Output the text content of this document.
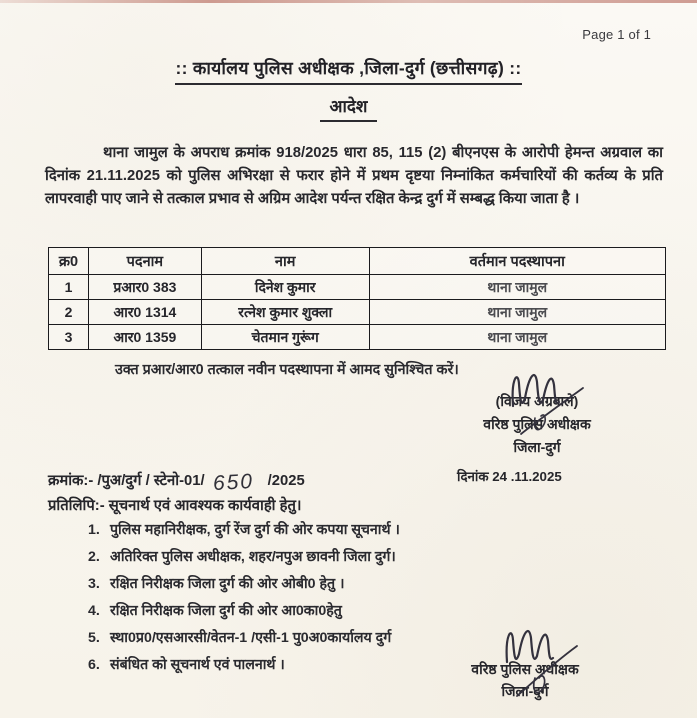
Page 1 of 1
:: कार्यालय पुलिस अधीक्षक ,जिला-दुर्ग (छत्तीसगढ़) ::
आदेश
थाना जामुल के अपराध क्रमांक 918/2025 धारा 85, 115 (2) बीएनएस के आरोपी हेमन्त अग्रवाल का दिनांक 21.11.2025 को पुलिस अभिरक्षा से फरार होने में प्रथम दृष्टया निम्नांकित कर्मचारियों की कर्तव्य के प्रति लापरवाही पाए जाने से तत्काल प्रभाव से अग्रिम आदेश पर्यन्त रक्षित केन्द्र दुर्ग में सम्बद्ध किया जाता है ।
क्र0	पदनाम	नाम	वर्तमान पदस्थापना
1	प्रआर0 383	दिनेश कुमार	थाना जामुल
2	आर0 1314	रत्नेश कुमार शुक्ला	थाना जामुल
3	आर0 1359	चेतमान गुरूंग	थाना जामुल
उक्त प्रआर/आर0 तत्काल नवीन पदस्थापना में आमद सुनिश्चित करें।
(विजय अग्रवाले)
वरिष्ठ पुलिस अधीक्षक
जिला-दुर्ग
दिनांक 24 .11.2025
क्रमांक:- /पुअ/दुर्ग / स्टेनो-01/ 650 /2025
प्रतिलिपि:- सूचनार्थ एवं आवश्यक कार्यवाही हेतु।
1. पुलिस महानिरीक्षक, दुर्ग रेंज दुर्ग की ओर कपया सूचनार्थ ।
2. अतिरिक्त पुलिस अधीक्षक, शहर/नपुअ छावनी जिला दुर्ग।
3. रक्षित निरीक्षक जिला दुर्ग की ओर ओबी0 हेतु ।
4. रक्षित निरीक्षक जिला दुर्ग की ओर आ0का0हेतु
5. स्था0प्र0/एसआरसी/वेतन-1 /एसी-1 पु0अ0कार्यालय दुर्ग
6. संबंधित को सूचनार्थ एवं पालनार्थ ।	वरिष्ठ पुलिस अधीक्षक
जिला-दुर्ग
